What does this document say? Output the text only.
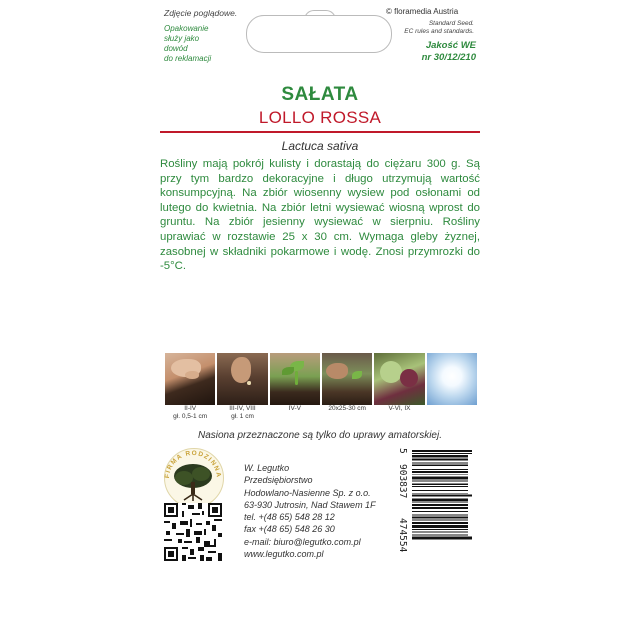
Zdjęcie poglądowe.
Opakowanie
służy jako
dowód
do reklamacji
© floramedia Austria
Standard Seed.
EC rules and standards.
Jakość WE
nr 30/12/210
SAŁATA
LOLLO ROSSA
Lactuca sativa
Rośliny mają pokrój kulisty i dorastają do ciężaru 300 g. Są przy tym bardzo dekoracyjne i długo utrzymują wartość konsumpcyjną. Na zbiór wiosenny wysiew pod osłonami od lutego do kwietnia. Na zbiór letni wysiewać wiosną wprost do gruntu. Na zbiór jesienny wysiewać w sierpniu. Rośliny uprawiać w rozstawie 25 x 30 cm. Wymaga gleby żyznej, zasobnej w składniki pokarmowe i wodę. Znosi przymrozki do -5°C.
II-IV
gł. 0,5-1 cm
III-IV, VIII
gł. 1 cm
IV-V	20x25-30 cm	V-VI, IX
Nasiona przeznaczone są tylko do uprawy amatorskiej.
FIRMA RODZINNA
W. Legutko
Przedsiębiorstwo
Hodowlano-Nasienne Sp. z o.o.
63-930 Jutrosin, Nad Stawem 1F
tel. +(48 65) 548 28 12
fax +(48 65) 548 26 30
e-mail: biuro@legutko.com.pl
www.legutko.com.pl
5
903837
474554
